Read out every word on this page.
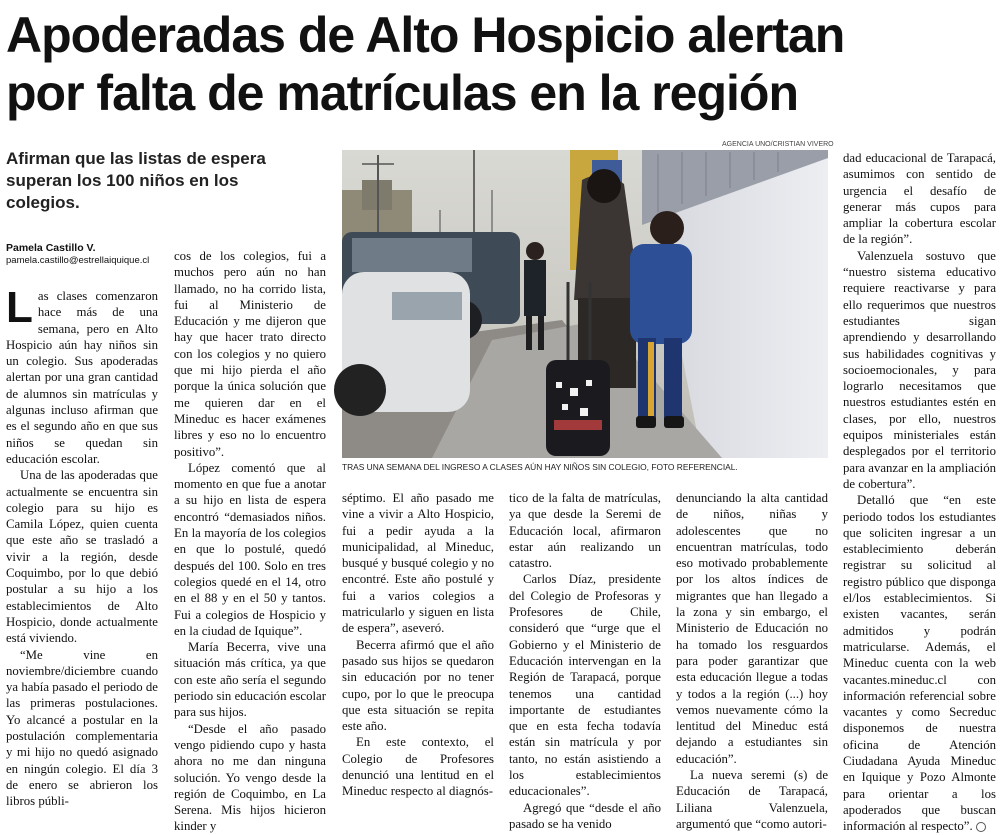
Apoderadas de Alto Hospicio alertan
por falta de matrículas en la región

Afirman que las listas de espera superan los 100 niños en los colegios.

Pamela Castillo V.
pamela.castillo@estrellaiquique.cl
AGENCIA UNO/CRISTIAN VIVERO
TRAS UNA SEMANA DEL INGRESO A CLASES AÚN HAY NIÑOS SIN COLEGIO, FOTO REFERENCIAL.

Las clases comenzaron hace más de una semana, pero en Alto Hospicio aún hay niños sin un colegio. Sus apoderadas alertan por una gran cantidad de alumnos sin matrículas y algunas incluso afirman que es el segundo año en que sus niños se quedan sin educación escolar.

Una de las apoderadas que actualmente se encuentra sin colegio para su hijo es Camila López, quien cuenta que este año se trasladó a vivir a la región, desde Coquimbo, por lo que debió postular a su hijo a los establecimientos de Alto Hospicio, donde actualmente está viviendo.

“Me vine en noviembre/diciembre cuando ya había pasado el periodo de las primeras postulaciones. Yo alcancé a postular en la postulación complementaria y mi hijo no quedó asignado en ningún colegio. El día 3 de enero se abrieron los libros públi-

cos de los colegios, fui a muchos pero aún no han llamado, no ha corrido lista, fui al Ministerio de Educación y me dijeron que hay que hacer trato directo con los colegios y no quiero que mi hijo pierda el año porque la única solución que me quieren dar en el Mineduc es hacer exámenes libres y eso no lo encuentro positivo”.

López comentó que al momento en que fue a anotar a su hijo en lista de espera encontró “demasiados niños. En la mayoría de los colegios en que lo postulé, quedó después del 100. Solo en tres colegios quedé en el 14, otro en el 88 y en el 50 y tantos. Fui a colegios de Hospicio y en la ciudad de Iquique”.

María Becerra, vive una situación más crítica, ya que con este año sería el segundo periodo sin educación escolar para sus hijos.

“Desde el año pasado vengo pidiendo cupo y hasta ahora no me dan ninguna solución. Yo vengo desde la región de Coquimbo, en La Serena. Mis hijos hicieron kinder y

séptimo. El año pasado me vine a vivir a Alto Hospicio, fui a pedir ayuda a la municipalidad, al Mineduc, busqué y busqué colegio y no encontré. Este año postulé y fui a varios colegios a matricularlo y siguen en lista de espera”, aseveró.

Becerra afirmó que el año pasado sus hijos se quedaron sin educación por no tener cupo, por lo que le preocupa que esta situación se repita este año.

En este contexto, el Colegio de Profesores denunció una lentitud en el Mineduc respecto al diagnós-

tico de la falta de matrículas, ya que desde la Seremi de Educación local, afirmaron estar aún realizando un catastro.

Carlos Díaz, presidente del Colegio de Profesoras y Profesores de Chile, consideró que “urge que el Gobierno y el Ministerio de Educación intervengan en la Región de Tarapacá, porque tenemos una cantidad importante de estudiantes que en esta fecha todavía están sin matrícula y por tanto, no están asistiendo a los establecimientos educacionales”.

Agregó que “desde el año pasado se ha venido

denunciando la alta cantidad de niños, niñas y adolescentes que no encuentran matrículas, todo eso motivado probablemente por los altos índices de migrantes que han llegado a la zona y sin embargo, el Ministerio de Educación no ha tomado los resguardos para poder garantizar que esta educación llegue a todas y todos a la región (...) hoy vemos nuevamente cómo la lentitud del Mineduc está dejando a estudiantes sin educación”.

La nueva seremi (s) de Educación de Tarapacá, Liliana Valenzuela, argumentó que “como autori-

dad educacional de Tarapacá, asumimos con sentido de urgencia el desafío de generar más cupos para ampliar la cobertura escolar de la región”.

Valenzuela sostuvo que “nuestro sistema educativo requiere reactivarse y para ello requerimos que nuestros estudiantes sigan aprendiendo y desarrollando sus habilidades cognitivas y socioemocionales, y para lograrlo necesitamos que nuestros estudiantes estén en clases, por ello, nuestros equipos ministeriales están desplegados por el territorio para avanzar en la ampliación de cobertura”.

Detalló que “en este periodo todos los estudiantes que soliciten ingresar a un establecimiento deberán registrar su solicitud al registro público que disponga el/los establecimientos. Si existen vacantes, serán admitidos y podrán matricularse. Además, el Mineduc cuenta con la web vacantes.mineduc.cl con información referencial sobre vacantes y como Secreduc disponemos de nuestra oficina de Atención Ciudadana Ayuda Mineduc en Iquique y Pozo Almonte para orientar a los apoderados que buscan información al respecto”.
